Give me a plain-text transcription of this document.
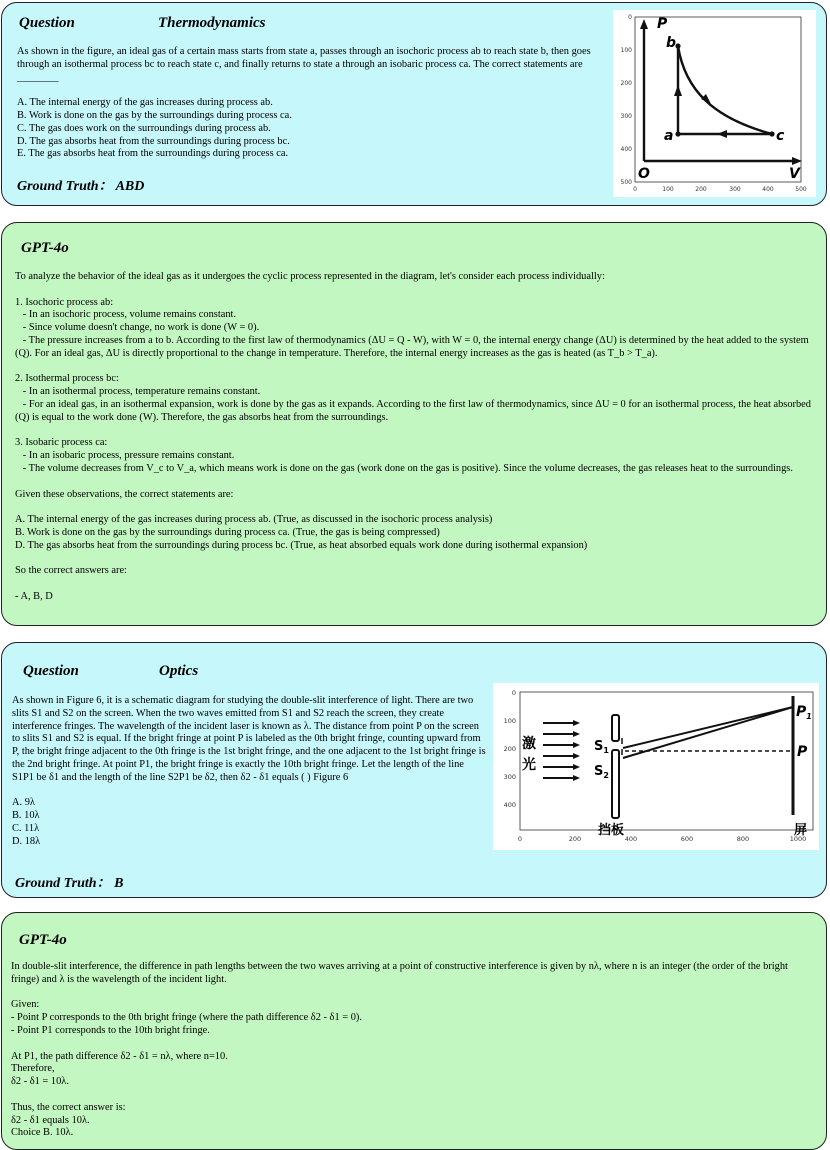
Question	Thermodynamics

As shown in the figure, an ideal gas of a certain mass starts from state a, passes through an isochoric process ab to reach state b, then goes through an isothermal process bc to reach state c, and finally returns to state a through an isobaric process ca. The correct statements are ________

A. The internal energy of the gas increases during process ab.
B. Work is done on the gas by the surroundings during process ca.
C. The gas does work on the surroundings during process ab.
D. The gas absorbs heat from the surroundings during process bc.
E. The gas absorbs heat from the surroundings during process ca.
Ground Truth： ABD
0
100
200
300
400
500
0	100	200	300	400	500
P
V
O
a
b
c
GPT-4o
To analyze the behavior of the ideal gas as it undergoes the cyclic process represented in the diagram, let's consider each process individually:
1. Isochoric process ab:
- In an isochoric process, volume remains constant.
- Since volume doesn't change, no work is done (W = 0).
- The pressure increases from a to b. According to the first law of thermodynamics (ΔU = Q - W), with W = 0, the internal energy change (ΔU) is determined by the heat added to the system (Q). For an ideal gas, ΔU is directly proportional to the change in temperature. Therefore, the internal energy increases as the gas is heated (as T_b > T_a).
2. Isothermal process bc:
- In an isothermal process, temperature remains constant.
- For an ideal gas, in an isothermal expansion, work is done by the gas as it expands. According to the first law of thermodynamics, since ΔU = 0 for an isothermal process, the heat absorbed (Q) is equal to the work done (W). Therefore, the gas absorbs heat from the surroundings.
3. Isobaric process ca:
- In an isobaric process, pressure remains constant.
- The volume decreases from V_c to V_a, which means work is done on the gas (work done on the gas is positive). Since the volume decreases, the gas releases heat to the surroundings.
Given these observations, the correct statements are:
A. The internal energy of the gas increases during process ab. (True, as discussed in the isochoric process analysis)
B. Work is done on the gas by the surroundings during process ca. (True, the gas is being compressed)
D. The gas absorbs heat from the surroundings during process bc. (True, as heat absorbed equals work done during isothermal expansion)
So the correct answers are:
- A, B, D
Question	Optics

As shown in Figure 6, it is a schematic diagram for studying the double-slit interference of light. There are two slits S1 and S2 on the screen. When the two waves emitted from S1 and S2 reach the screen, they create interference fringes. The wavelength of the incident laser is known as λ. The distance from point P on the screen to slits S1 and S2 is equal. If the bright fringe at point P is labeled as the 0th bright fringe, counting upward from P, the bright fringe adjacent to the 0th fringe is the 1st bright fringe, and the one adjacent to the 1st bright fringe is the 2nd bright fringe. At point P1, the bright fringe is exactly the 10th bright fringe. Let the length of the line S1P1 be δ1 and the length of the line S2P1 be δ2, then δ2 - δ1 equals ( ) Figure 6

A. 9λ
B. 10λ
C. 11λ
D. 18λ
Ground Truth： B
0
100
200
300
400
0	200	400	600	800	1000
激
光
挡板
$S_1$
$S_2$
屏
$P_1$
P
GPT-4o
In double-slit interference, the difference in path lengths between the two waves arriving at a point of constructive interference is given by nλ, where n is an integer (the order of the bright fringe) and λ is the wavelength of the incident light.
Given:
- Point P corresponds to the 0th bright fringe (where the path difference δ2 - δ1 = 0).
- Point P1 corresponds to the 10th bright fringe.
At P1, the path difference δ2 - δ1 = nλ, where n=10.
Therefore,
δ2 - δ1 = 10λ.
Thus, the correct answer is:
δ2 - δ1 equals 10λ.
Choice B. 10λ.
